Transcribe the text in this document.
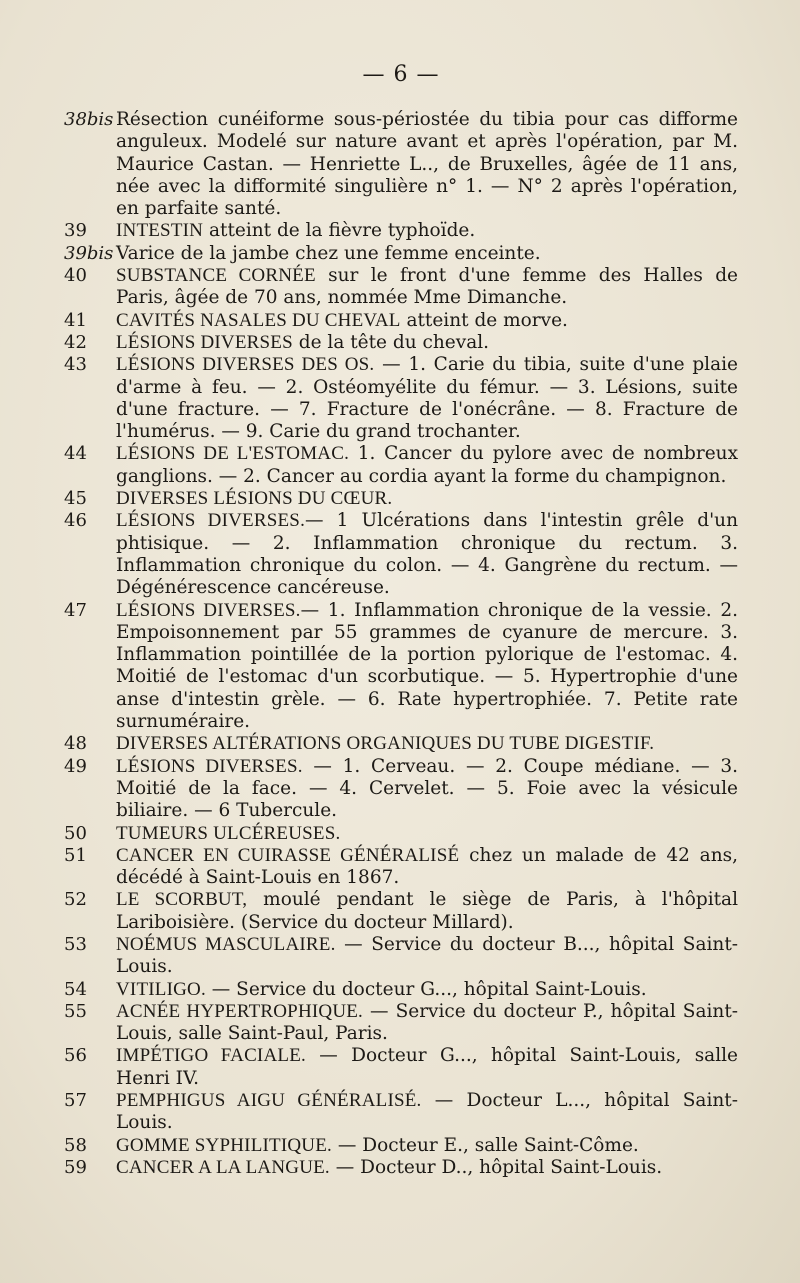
— 6 —
38bis Résection cunéiforme sous-périostée du tibia pour cas difforme anguleux. Modelé sur nature avant et après l'opération, par M. Maurice Castan. — Henriette L.., de Bruxelles, âgée de 11 ans, née avec la difformité singulière n° 1. — N° 2 après l'opération, en parfaite santé.
39	INTESTIN atteint de la fièvre typhoïde.
39bis Varice de la jambe chez une femme enceinte.
40	SUBSTANCE CORNÉE sur le front d'une femme des Halles de Paris, âgée de 70 ans, nommée Mme Dimanche.
41	CAVITÉS NASALES DU CHEVAL atteint de morve.
42	LÉSIONS DIVERSES de la tête du cheval.
43	LÉSIONS DIVERSES DES OS. — 1. Carie du tibia, suite d'une plaie d'arme à feu. — 2. Ostéomyélite du fémur. — 3. Lésions, suite d'une fracture. — 7. Fracture de l'onécrâne. — 8. Fracture de l'humérus. — 9. Carie du grand trochanter.
44	LÉSIONS DE L'ESTOMAC. 1. Cancer du pylore avec de nombreux ganglions. — 2. Cancer au cordia ayant la forme du champignon.
45	DIVERSES LÉSIONS DU CŒUR.
46	LÉSIONS DIVERSES.— 1 Ulcérations dans l'intestin grêle d'un phtisique. — 2. Inflammation chronique du rectum. 3. Inflammation chronique du colon. — 4. Gangrène du rectum. — Dégénérescence cancéreuse.
47	LÉSIONS DIVERSES.— 1. Inflammation chronique de la vessie. 2. Empoisonnement par 55 grammes de cyanure de mercure. 3. Inflammation pointillée de la portion pylorique de l'estomac. 4. Moitié de l'estomac d'un scorbutique. — 5. Hypertrophie d'une anse d'intestin grèle. — 6. Rate hypertrophiée. 7. Petite rate surnuméraire.
48	DIVERSES ALTÉRATIONS ORGANIQUES DU TUBE DIGESTIF.
49	LÉSIONS DIVERSES. — 1. Cerveau. — 2. Coupe médiane. — 3. Moitié de la face. — 4. Cervelet. — 5. Foie avec la vésicule biliaire. — 6 Tubercule.
50	TUMEURS ULCÉREUSES.
51	CANCER EN CUIRASSE GÉNÉRALISÉ chez un malade de 42 ans, décédé à Saint-Louis en 1867.
52	LE SCORBUT, moulé pendant le siège de Paris, à l'hôpital Lariboisière. (Service du docteur Millard).
53	NOÉMUS MASCULAIRE. — Service du docteur B..., hôpital Saint-Louis.
54	VITILIGO. — Service du docteur G..., hôpital Saint-Louis.
55	ACNÉE HYPERTROPHIQUE. — Service du docteur P., hôpital Saint-Louis, salle Saint-Paul, Paris.
56	IMPÉTIGO FACIALE. — Docteur G..., hôpital Saint-Louis, salle Henri IV.
57	PEMPHIGUS AIGU GÉNÉRALISÉ. — Docteur L..., hôpital Saint-Louis.
58	GOMME SYPHILITIQUE. — Docteur E., salle Saint-Côme.
59	CANCER A LA LANGUE. — Docteur D.., hôpital Saint-Louis.
